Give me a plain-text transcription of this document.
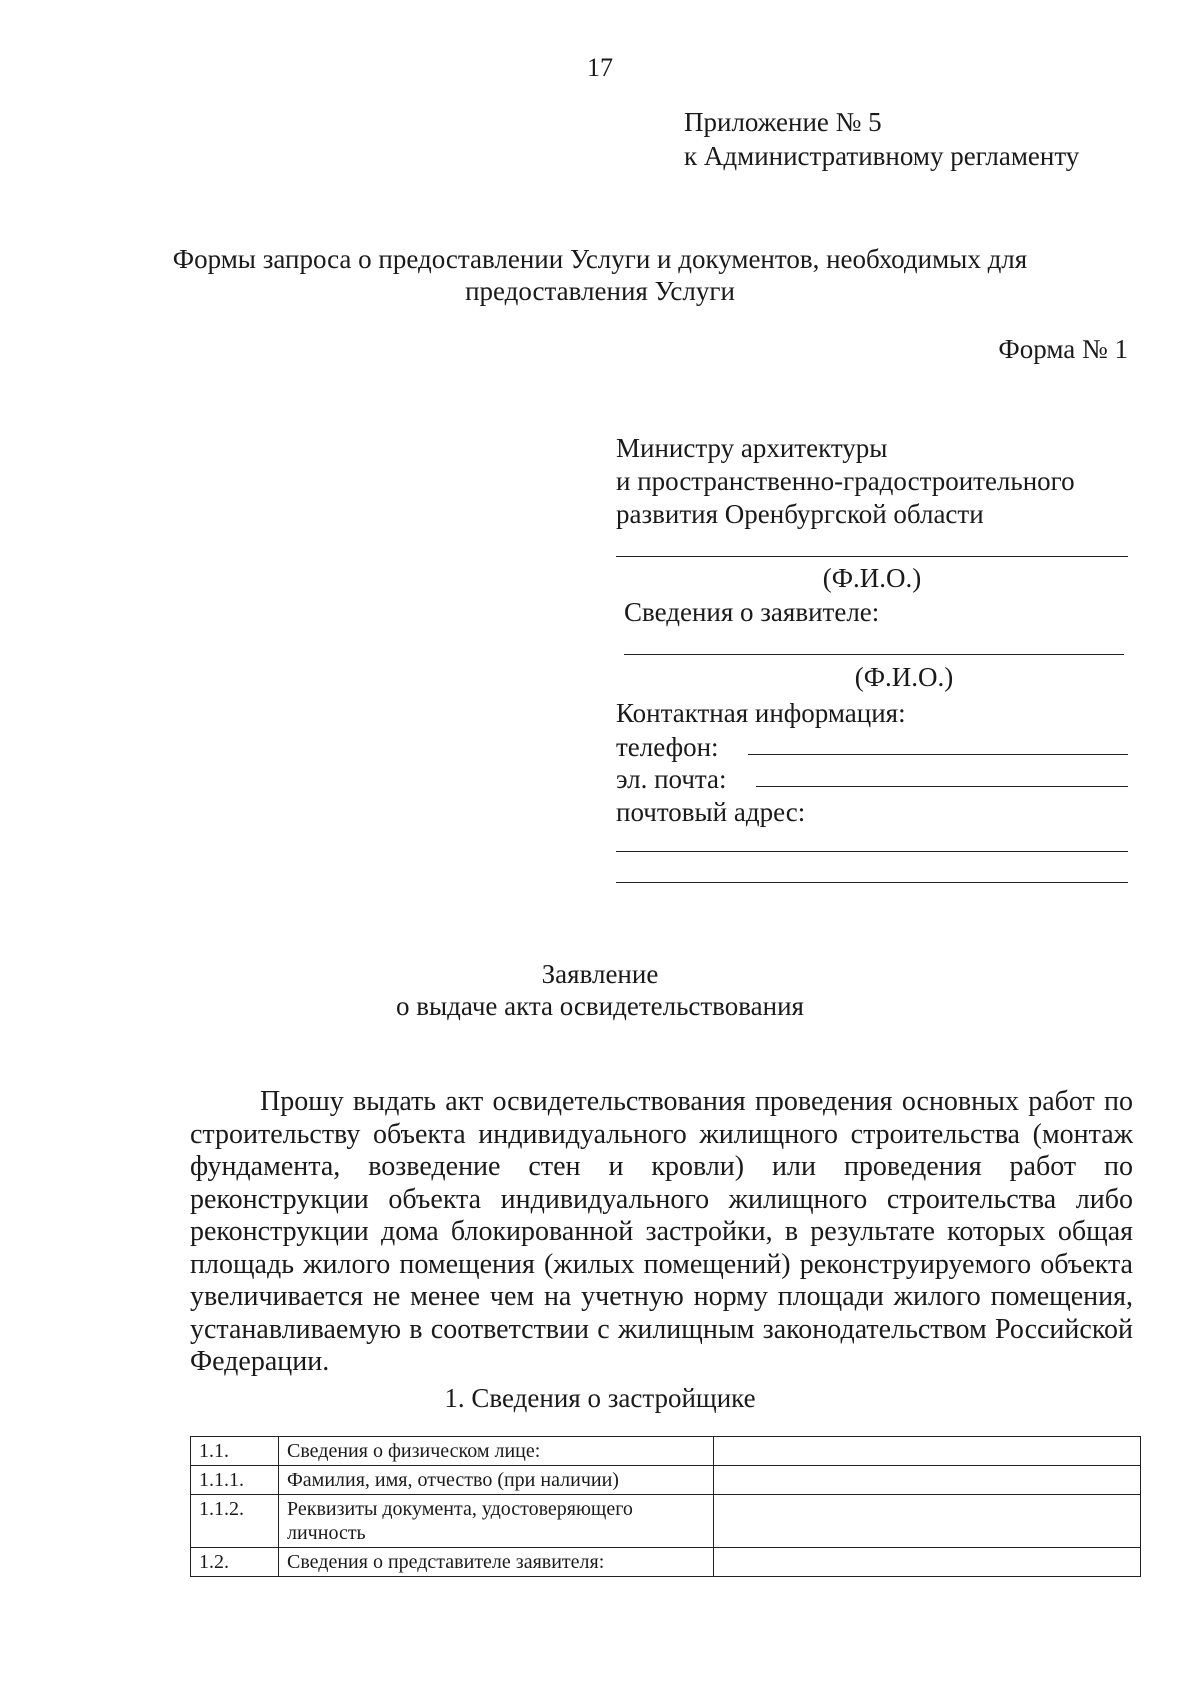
17
Приложение № 5
к Административному регламенту
Формы запроса о предоставлении Услуги и документов, необходимых для
предоставления Услуги
Форма № 1
Министру архитектуры
и пространственно-градостроительного
развития Оренбургской области
(Ф.И.О.)
Сведения о заявителе:
(Ф.И.О.)
Контактная информация:
телефон:
эл. почта:
почтовый адрес:
Заявление
о выдаче акта освидетельствования

Прошу выдать акт освидетельствования проведения основных работ по строительству объекта индивидуального жилищного строительства (монтаж фундамента, возведение стен и кровли) или проведения работ по реконструкции объекта индивидуального жилищного строительства либо реконструкции дома блокированной застройки, в результате которых общая площадь жилого помещения (жилых помещений) реконструируемого объекта увеличивается не менее чем на учетную норму площади жилого помещения, устанавливаемую в соответствии с жилищным законодательством Российской Федерации.

1. Сведения о застройщике
1.1.	Сведения о физическом лице:	
1.1.1.	Фамилия, имя, отчество (при наличии)	
1.1.2.	Реквизиты документа, удостоверяющего личность	
1.2.	Сведения о представителе заявителя:	
